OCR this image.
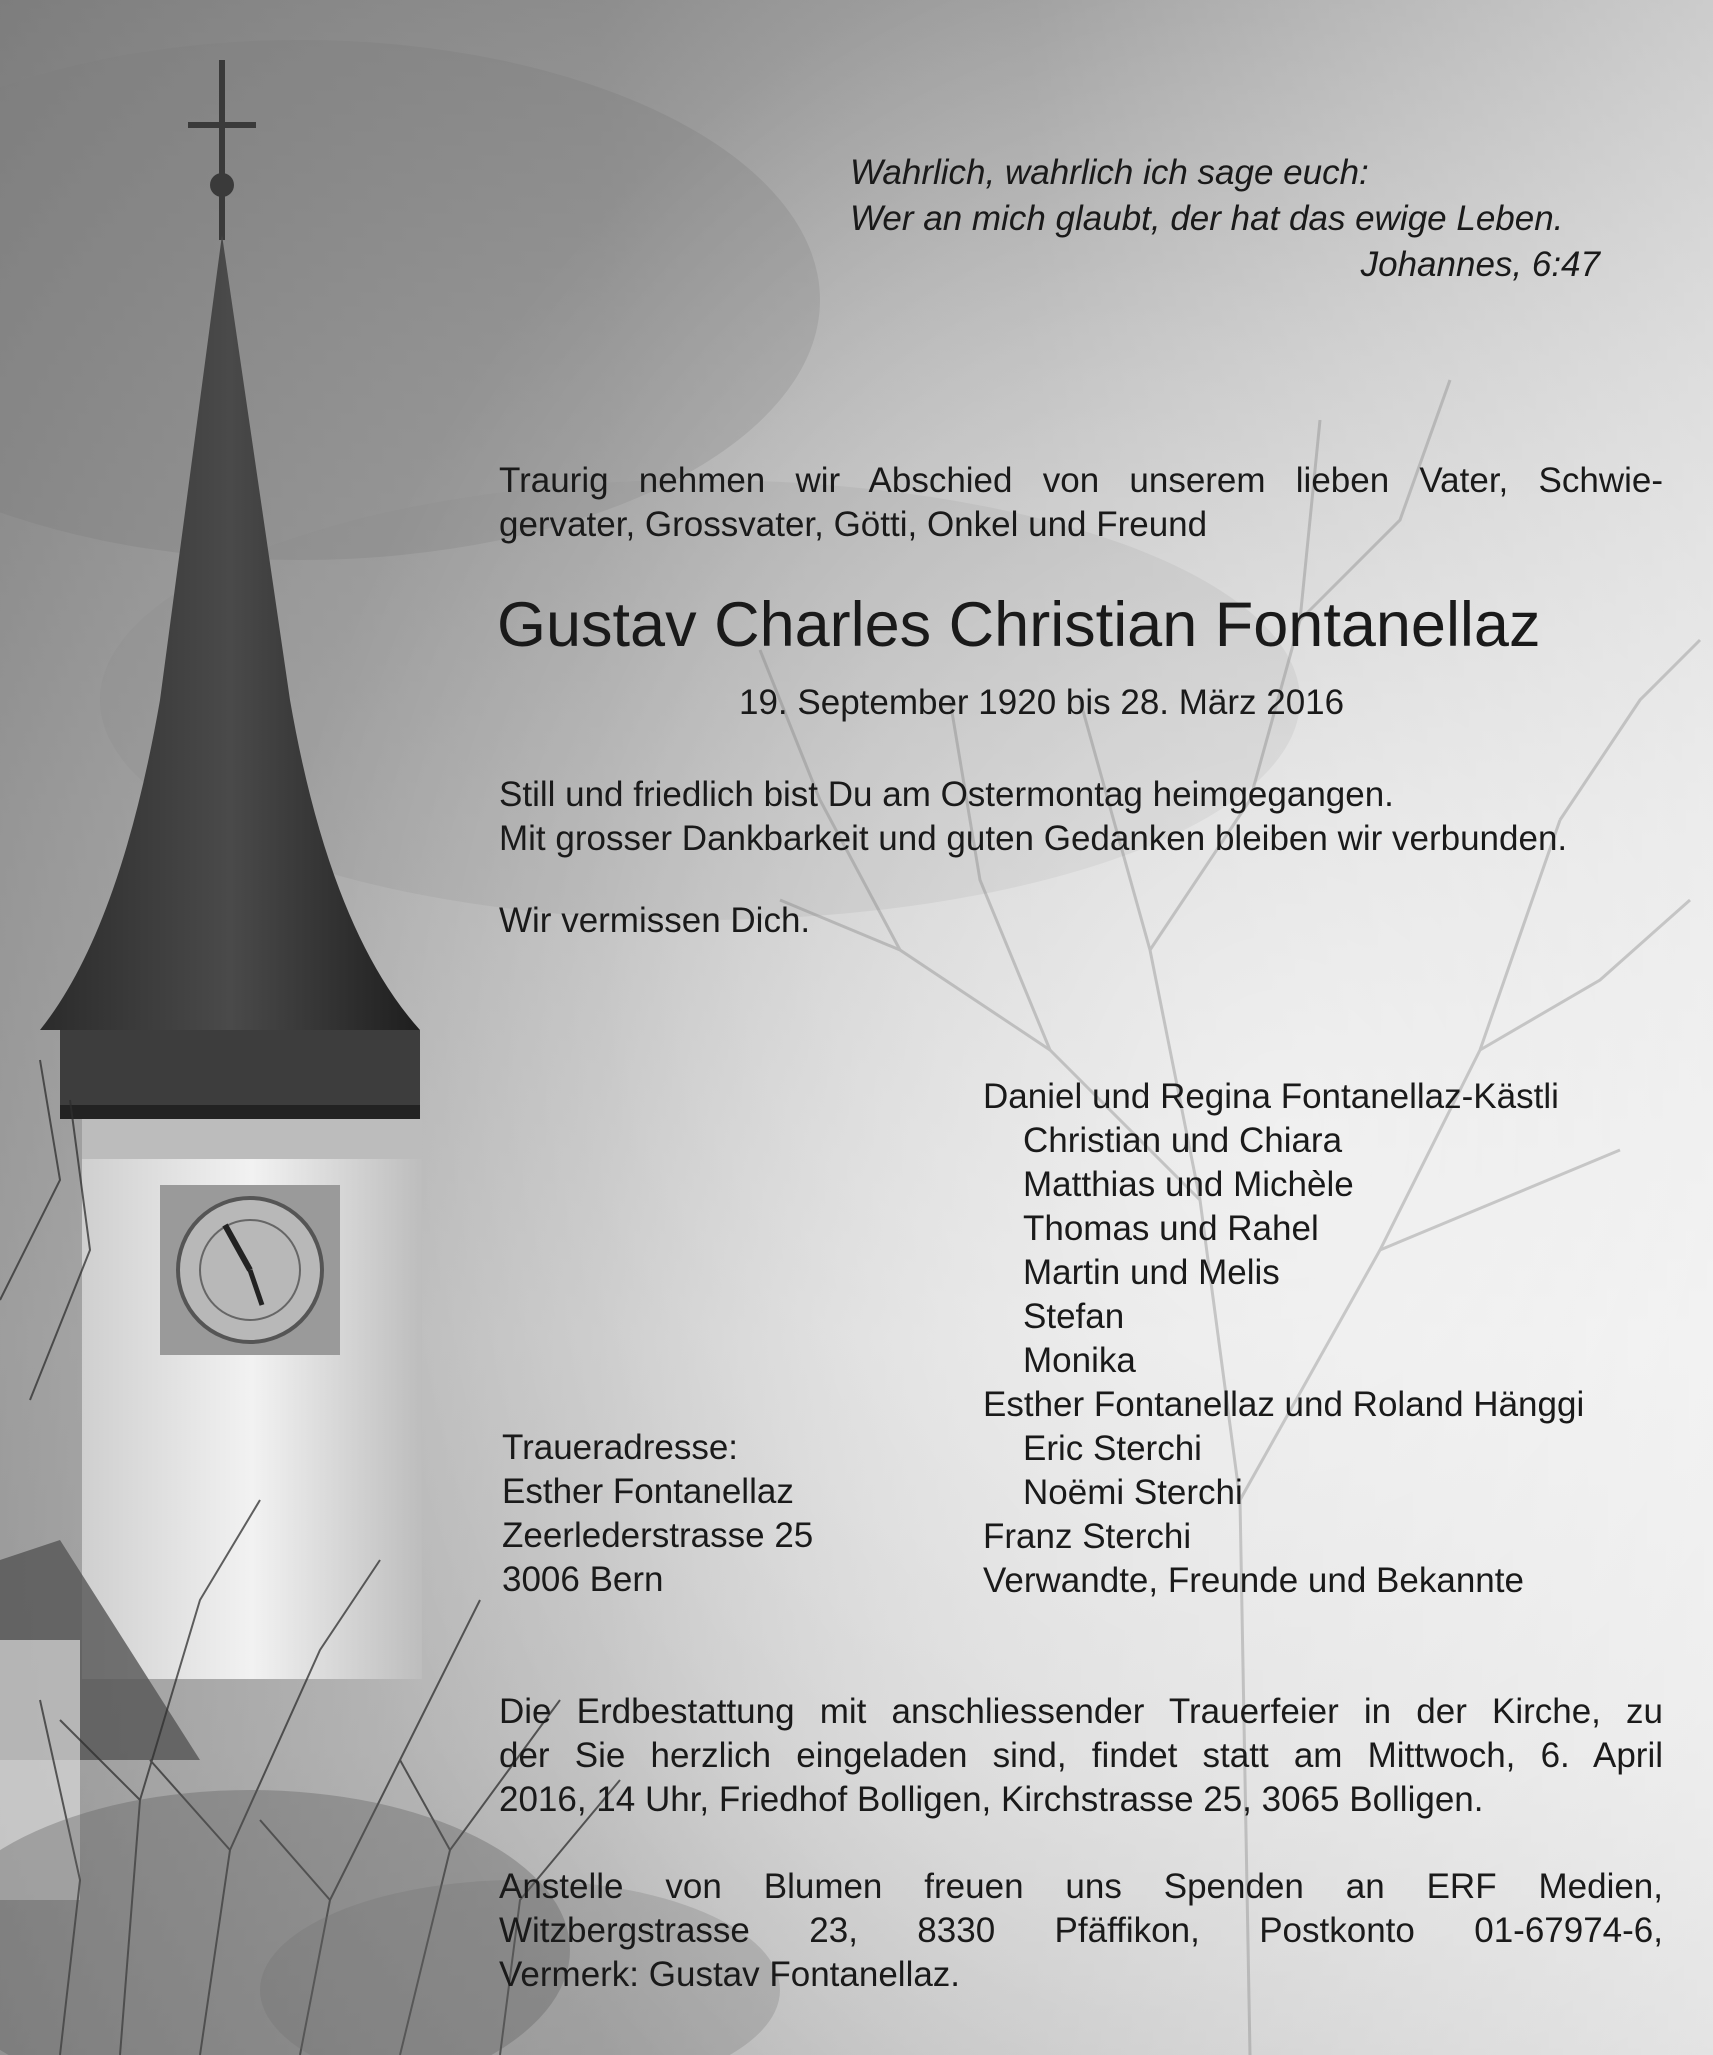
Wahrlich, wahrlich ich sage euch:
Wer an mich glaubt, der hat das ewige Leben.
Johannes, 6:47
Traurig nehmen wir Abschied von unserem lieben Vater, Schwie-
gervater, Grossvater, Götti, Onkel und Freund
Gustav Charles Christian Fontanellaz
19. September 1920 bis 28. März 2016
Still und friedlich bist Du am Ostermontag heimgegangen.
Mit grosser Dankbarkeit und guten Gedanken bleiben wir verbunden.
Wir vermissen Dich.
Daniel und Regina Fontanellaz-Kästli
Christian und Chiara
Matthias und Michèle
Thomas und Rahel
Martin und Melis
Stefan
Monika
Esther Fontanellaz und Roland Hänggi
Eric Sterchi
Noëmi Sterchi
Franz Sterchi
Verwandte, Freunde und Bekannte
Traueradresse:
Esther Fontanellaz
Zeerlederstrasse 25
3006 Bern
Die Erdbestattung mit anschliessender Trauerfeier in der Kirche, zu
der Sie herzlich eingeladen sind, findet statt am Mittwoch, 6. April
2016, 14 Uhr, Friedhof Bolligen, Kirchstrasse 25, 3065 Bolligen.
Anstelle von Blumen freuen uns Spenden an ERF Medien,
Witzbergstrasse 23, 8330 Pfäffikon, Postkonto 01-67974-6,
Vermerk: Gustav Fontanellaz.
